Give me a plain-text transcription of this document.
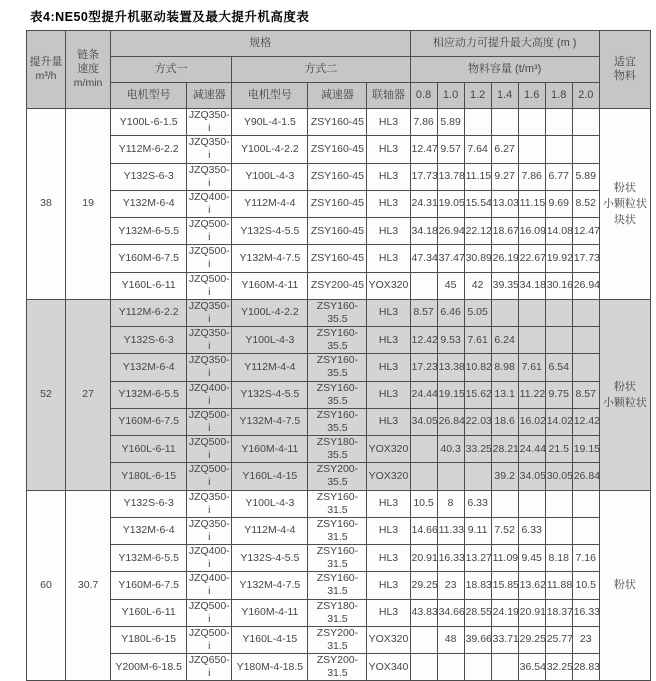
表4:NE50型提升机驱动装置及最大提升机高度表
提升量
m³/h	链条
速度
m/min	规格					相应动力可提升最大高度 (m )							适宜
物料

		方式一		方式二			物料容量 (t/m³)							
		电机型号	减速器	电机型号	减速器	联轴器	0.8	1.0	1.2	1.4	1.6	1.8	2.0	
38	19	Y100L-6-1.5	JZQ350-i	Y90L-4-1.5	ZSY160-45	HL3	7.86	5.89						粉状
小颗粒状
块状

		Y112M-6-2.2	JZQ350-i	Y100L-4-2.2	ZSY160-45	HL3	12.47	9.57	7.64	6.27				
		Y132S-6-3	JZQ350-i	Y100L-4-3	ZSY160-45	HL3	17.73	13.78	11.15	9.27	7.86	6.77	5.89	
		Y132M-6-4	JZQ400-i	Y112M-4-4	ZSY160-45	HL3	24.31	19.05	15.54	13.03	11.15	9.69	8.52	
		Y132M-6-5.5	JZQ500-i	Y132S-4-5.5	ZSY160-45	HL3	34.18	26.94	22.12	18.67	16.09	14.08	12.47	
		Y160M-6-7.5	JZQ500-i	Y132M-4-7.5	ZSY160-45	HL3	47.34	37.47	30.89	26.19	22.67	19.92	17.73	
		Y160L-6-11	JZQ500-i	Y160M-4-11	ZSY200-45	YOX320		45	42	39.35	34.18	30.16	26.94	
52	27	Y112M-6-2.2	JZQ350-i	Y100L-4-2.2	ZSY160-35.5	HL3	8.57	6.46	5.05					粉状
小颗粒状

		Y132S-6-3	JZQ350-i	Y100L-4-3	ZSY160-35.5	HL3	12.42	9.53	7.61	6.24				
		Y132M-6-4	JZQ350-i	Y112M-4-4	ZSY160-35.5	HL3	17.23	13.38	10.82	8.98	7.61	6.54		
		Y132M-6-5.5	JZQ400-i	Y132S-4-5.5	ZSY160-35.5	HL3	24.44	19.15	15.62	13.1	11.22	9.75	8.57	
		Y160M-6-7.5	JZQ500-i	Y132M-4-7.5	ZSY160-35.5	HL3	34.05	26.84	22.03	18.6	16.02	14.02	12.42	
		Y160L-6-11	JZQ500-i	Y160M-4-11	ZSY180-35.5	YOX320		40.3	33.25	28.21	24.44	21.5	19.15	
		Y180L-6-15	JZQ500-i	Y160L-4-15	ZSY200-35.5	YOX320				39.2	34.05	30.05	26.84	
60	30.7	Y132S-6-3	JZQ350-i	Y100L-4-3	ZSY160-31.5	HL3	10.5	8	6.33					粉状

		Y132M-6-4	JZQ350-i	Y112M-4-4	ZSY160-31.5	HL3	14.66	11.33	9.11	7.52	6.33			
		Y132M-6-5.5	JZQ400-i	Y132S-4-5.5	ZSY160-31.5	HL3	20.91	16.33	13.27	11.09	9.45	8.18	7.16	
		Y160M-6-7.5	JZQ400-i	Y132M-4-7.5	ZSY160-31.5	HL3	29.25	23	18.83	15.85	13.62	11.88	10.5	
		Y160L-6-11	JZQ500-i	Y160M-4-11	ZSY180-31.5	HL3	43.83	34.66	28.55	24.19	20.91	18.37	16.33	
		Y180L-6-15	JZQ500-i	Y160L-4-15	ZSY200-31.5	YOX320		48	39.66	33.71	29.25	25.77	23	
		Y200M-6-18.5	JZQ650-i	Y180M-4-18.5	ZSY200-31.5	YOX340					36.54	32.25	28.83	
